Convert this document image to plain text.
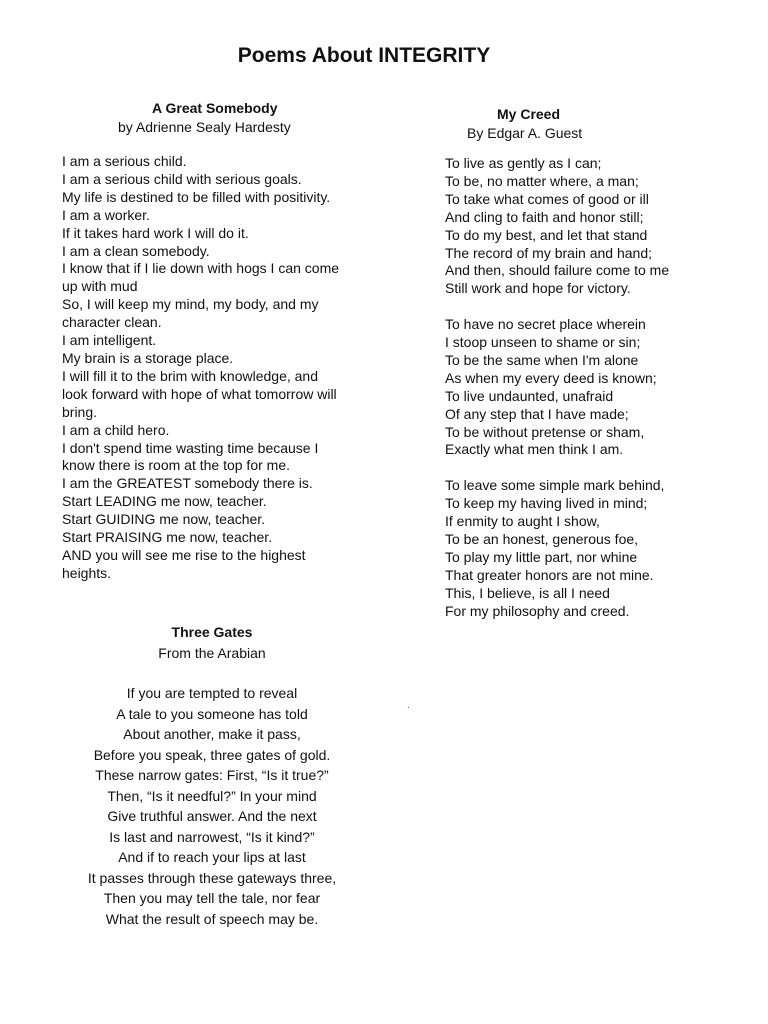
Poems About INTEGRITY
A Great Somebody
by Adrienne Sealy Hardesty
I am a serious child.
I am a serious child with serious goals.
My life is destined to be filled with positivity.
I am a worker.
If it takes hard work I will do it.
I am a clean somebody.
I know that if I lie down with hogs I can come
up with mud
So, I will keep my mind, my body, and my
character clean.
I am intelligent.
My brain is a storage place.
I will fill it to the brim with knowledge, and
look forward with hope of what tomorrow will
bring.
I am a child hero.
I don't spend time wasting time because I
know there is room at the top for me.
I am the GREATEST somebody there is.
Start LEADING me now, teacher.
Start GUIDING me now, teacher.
Start PRAISING me now, teacher.
AND you will see me rise to the highest
heights.
My Creed
By Edgar A. Guest
To live as gently as I can;
To be, no matter where, a man;
To take what comes of good or ill
And cling to faith and honor still;
To do my best, and let that stand
The record of my brain and hand;
And then, should failure come to me
Still work and hope for victory.
To have no secret place wherein
I stoop unseen to shame or sin;
To be the same when I'm alone
As when my every deed is known;
To live undaunted, unafraid
Of any step that I have made;
To be without pretense or sham,
Exactly what men think I am.
To leave some simple mark behind,
To keep my having lived in mind;
If enmity to aught I show,
To be an honest, generous foe,
To play my little part, nor whine
That greater honors are not mine.
This, I believe, is all I need
For my philosophy and creed.
Three Gates
From the Arabian
If you are tempted to reveal
A tale to you someone has told
About another, make it pass,
Before you speak, three gates of gold.
These narrow gates: First, “Is it true?”
Then, “Is it needful?” In your mind
Give truthful answer. And the next
Is last and narrowest, “Is it kind?”
And if to reach your lips at last
It passes through these gateways three,
Then you may tell the tale, nor fear
What the result of speech may be.
.
